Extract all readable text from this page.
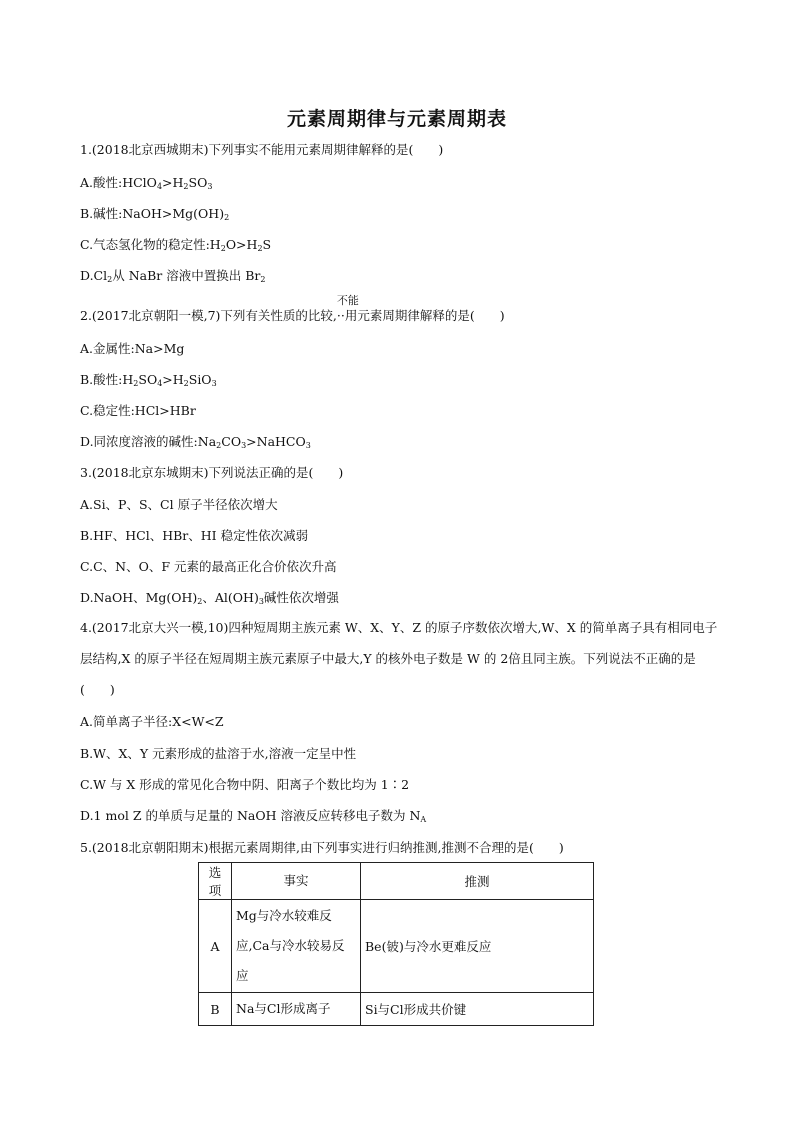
元素周期律与元素周期表
1.(2018北京西城期末)下列事实不能用元素周期律解释的是(　　)
A.酸性$:HClO_4>H_2SO_3$
B.碱性$:NaOH>Mg(OH)_2$
C.气态氢化物的稳定性$:H_2O>H_2S$
$D.Cl_2$从 NaBr 溶液中置换出 $Br_2$
2.(2017北京朝阳一模,7)下列有关性质的比较,
不能
··用元素周期律解释的是(　　)
A.金属性:Na>Mg
B.酸性$:H_2SO_4>H_2SiO_3$
C.稳定性:HCl>HBr
D.同浓度溶液的碱性$:Na_2CO_3>NaHCO_3$
3.(2018北京东城期末)下列说法正确的是(　　)
A.Si、P、S、Cl 原子半径依次增大
B.HF、HCl、HBr、HI 稳定性依次减弱
C.C、N、O、F 元素的最高正化合价依次升高
D.NaOH、$Mg(OH)_2$、$Al(OH)_3$碱性依次增强
4.(2017北京大兴一模,10)四种短周期主族元素 W、X、Y、Z 的原子序数依次增大,W、X 的简单离子具有相同电子层结构,X 的原子半径在短周期主族元素原子中最大,Y 的核外电子数是 W 的 2倍且同主族。下列说法不正确的是(　　)
A.简单离子半径:X<W<Z
B.W、X、Y 元素形成的盐溶于水,溶液一定呈中性
C.W 与 X 形成的常见化合物中阴、阳离子个数比均为 1∶2
D.1 mol Z 的单质与足量的 NaOH 溶液反应转移电子数为 $N_A$
5.(2018北京朝阳期末)根据元素周期律,由下列事实进行归纳推测,推测不合理的是(　　)
选项	事实	推测
A	Mg与冷水较难反应,Ca与冷水较易反应	Be(铍)与冷水更难反应
B	Na与Cl形成离子	Si与Cl形成共价键
